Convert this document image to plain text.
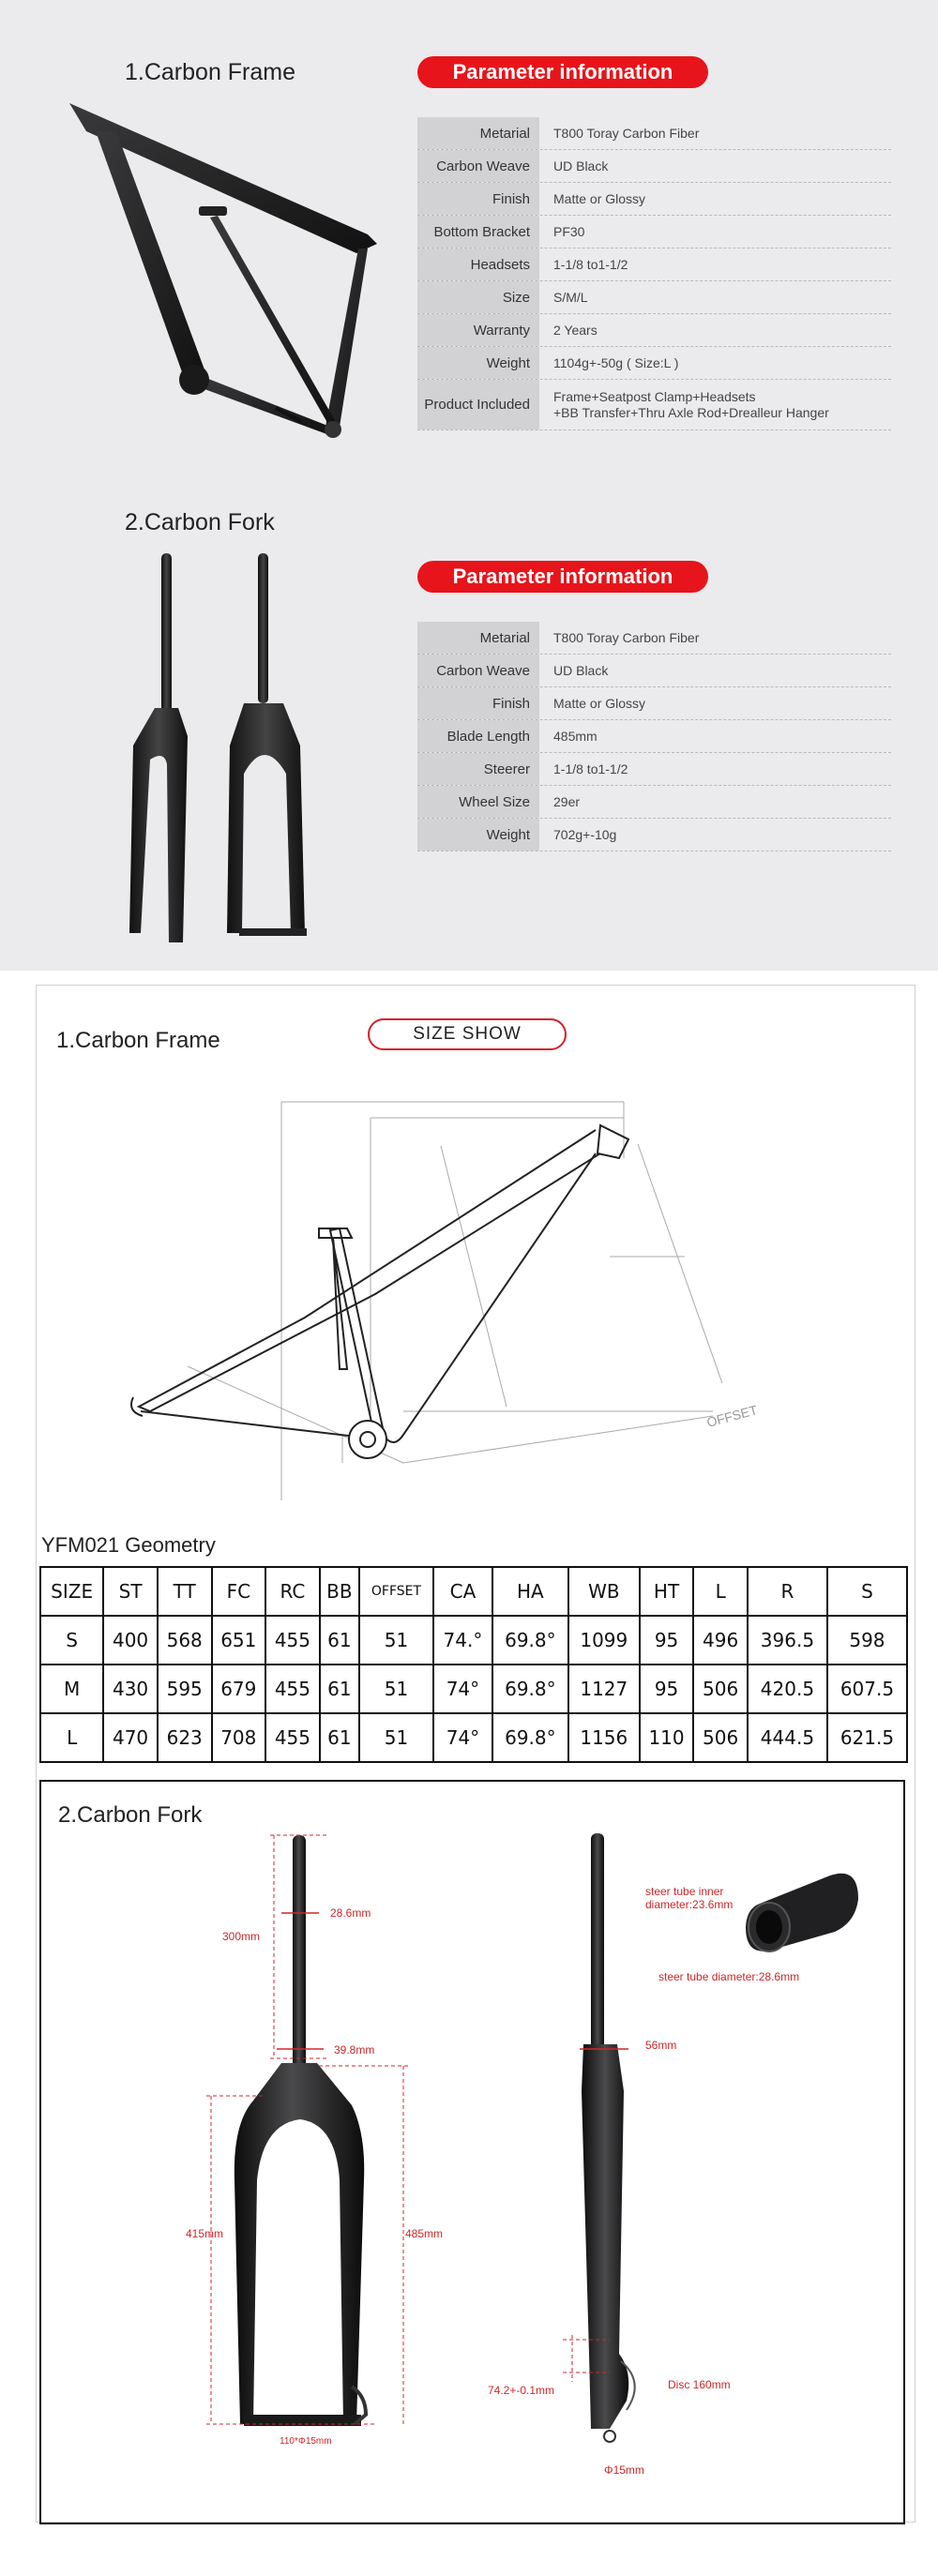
1.Carbon Frame	Parameter information
Metarial	T800 Toray Carbon Fiber
Carbon Weave	UD Black
Finish	Matte or Glossy
Bottom Bracket	PF30
Headsets	1-1/8 to1-1/2
Size	S/M/L
Warranty	2 Years
Weight	1104g+-50g ( Size:L )
Product Included
Frame+Seatpost Clamp+Headsets
+BB Transfer+Thru Axle Rod+Drealleur Hanger
2.Carbon Fork
Parameter information
Metarial	T800 Toray Carbon Fiber
Carbon Weave	UD Black
Finish	Matte or Glossy
Blade Length	485mm
Steerer	1-1/8 to1-1/2
Wheel Size	29er
Weight	702g+-10g
1.Carbon Frame	SIZE SHOW
OFFSET
YFM021 Geometry
SIZE	ST	TT	FC	RC	BB	OFFSET	CA	HA	WB	HT	L	R	S
S	400	568	651	455	61	51	74.°	69.8°	1099	95	496	396.5	598
M	430	595	679	455	61	51	74°	69.8°	1127	95	506	420.5	607.5
L	470	623	708	455	61	51	74°	69.8°	1156	110	506	444.5	621.5
2.Carbon Fork
300mm
28.6mm
39.8mm
415mm	485mm
110*Φ15mm
56mm
74.2+-0.1mm	Disc 160mm
Φ15mm
steer tube inner
diameter:23.6mm
steer tube diameter:28.6mm
